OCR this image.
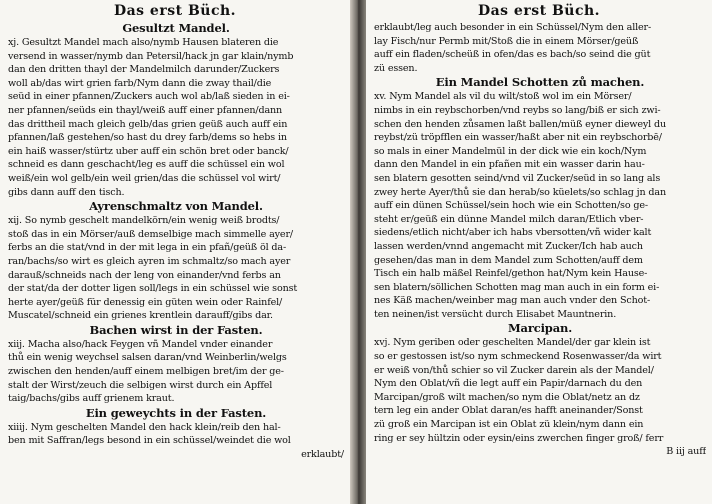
Das erst Büch.
Gesultzt Mandel.
xj. Gesultzt Mandel mach also/nymb Hausen blateren die
versend in wasser/nymb dan Petersil/hack jn gar klain/nymb
dan den dritten thayl der Mandelmilch darunder/Zuckers
woll ab/das wirt grien farb/Nym dann die zway thail/die
seüd in einer pfannen/Zuckers auch wol ab/laß sieden in ei-
ner pfannen/seüds ein thayl/weiß auff einer pfannen/dann
das drittheil mach gleich gelb/das grien geüß auch auff ein
pfannen/laß gestehen/so hast du drey farb/dems so hebs in
ein haiß wasser/stürtz uber auff ein schön bret oder banck/
schneid es dann geschacht/leg es auff die schüssel ein wol
weiß/ein wol gelb/ein weil grien/das die schüssel vol wirt/
gibs dann auff den tisch.
Ayrenschmaltz von Mandel.
xij. So nymb geschelt mandelkörn/ein wenig weiß brodts/
stoß das in ein Mörser/auß demselbige mach simmelle ayer/
ferbs an die stat/vnd in der mit lega in ein pfañ/geüß öl da-
ran/bachs/so wirt es gleich ayren im schmaltz/so mach ayer
darauß/schneids nach der leng von einander/vnd ferbs an
der stat/da der dotter ligen soll/legs in ein schüssel wie sonst
herte ayer/geüß für denessig ein güten wein oder Rainfel/
Muscatel/schneid ein grienes krentlein darauff/gibs dar.
Bachen wirst in der Fasten.
xiij. Macha also/hack Feygen vñ Mandel vnder einander
thů ein wenig weychsel salsen daran/vnd Weinberlin/welgs
zwischen den henden/auff einem melbigen bret/im der ge-
stalt der Wirst/zeuch die selbigen wirst durch ein Apffel
taig/bachs/gibs auff grienem kraut.
Ein geweychts in der Fasten.
xiiij. Nym geschelten Mandel den hack klein/reib den hal-
ben mit Saffran/legs besond in ein schüssel/weindet die wol
erklaubt/
Das erst Büch.
erklaubt/leg auch besonder in ein Schüssel/Nym den aller-
lay Fisch/nur Permb mit/Stoß die in einem Mörser/geüß
auff ein fladen/scheüß in ofen/das es bach/so seind die güt
zü essen.
Ein Mandel Schotten zů machen.
xv. Nym Mandel als vil du wilt/stoß wol im ein Mörser/
nimbs in ein reybschorben/vnd reybs so lang/biß er sich zwi-
schen den henden zůsamen laßt ballen/müß eyner dieweyl du
reybst/zü tröpfflen ein wasser/haßt aber nit ein reybschorbē/
so mals in einer Mandelmül in der dick wie ein koch/Nym
dann den Mandel in ein pfañen mit ein wasser darin hau-
sen blatern gesotten seind/vnd vil Zucker/seüd in so lang als
zwey herte Ayer/thů sie dan herab/so küelets/so schlag jn dan
auff ein dünen Schüssel/sein hoch wie ein Schotten/so ge-
steht er/geüß ein dünne Mandel milch daran/Etlich vber-
siedens/etlich nicht/aber ich habs vbersotten/vñ wider kalt
lassen werden/vnnd angemacht mit Zucker/Ich hab auch
gesehen/das man in dem Mandel zum Schotten/auff dem
Tisch ein halb mäßel Reinfel/gethon hat/Nym kein Hause-
sen blatern/söllichen Schotten mag man auch in ein form ei-
nes Käß machen/weinber mag man auch vnder den Schot-
ten neinen/ist versücht durch Elisabet Mauntnerin.
Marcipan.
xvj. Nym geriben oder geschelten Mandel/der gar klein ist
so er gestossen ist/so nym schmeckend Rosenwasser/da wirt
er weiß von/thů schier so vil Zucker darein als der Mandel/
Nym den Oblat/vñ die legt auff ein Papir/darnach du den
Marcipan/groß wilt machen/so nym die Oblat/netz an dz
tern leg ein ander Oblat daran/es hafft aneinander/Sonst
zü groß ein Marcipan ist ein Oblat zü klein/nym dann ein
ring er sey hültzin oder eysin/eins zwerchen finger groß/ ferr
B iij auff
